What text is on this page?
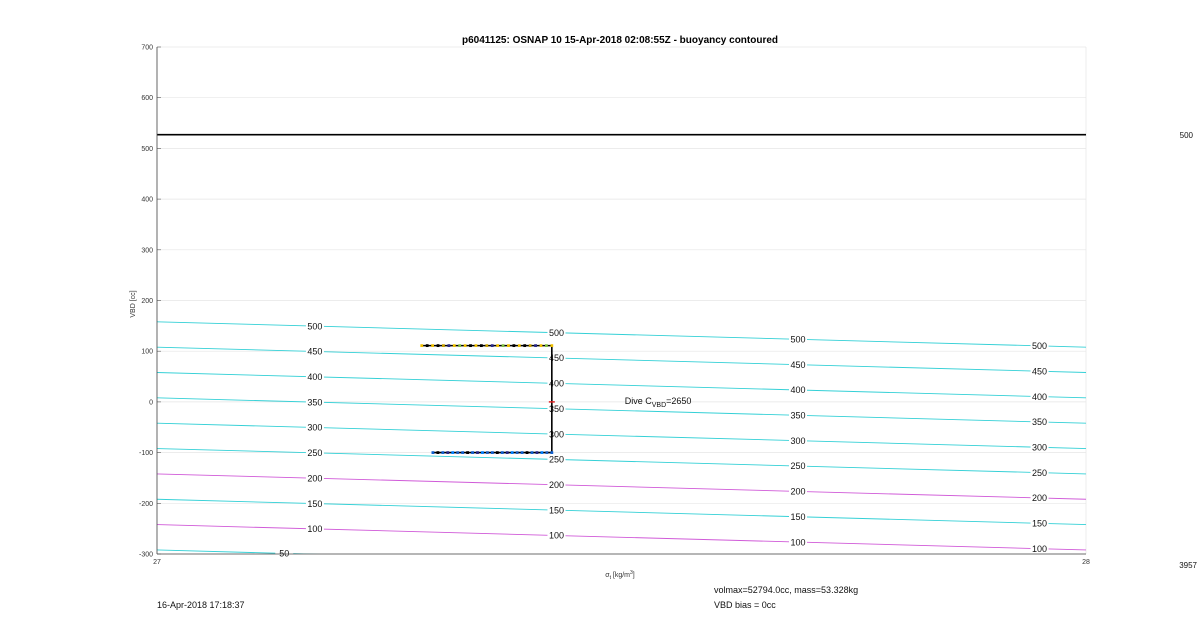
p6041125: OSNAP 10 15-Apr-2018 02:08:55Z - buoyancy contoured
VBD [cc]
$\sigma_t$ $[kg/m^3]$
500
500
500
500
450
450
450
450
400
400
400
400
350
350
350
350
300
300
300
300
250
250
250
250
200
200
200
200
150
150
150
150
100
100
100
100
50
700
600
500
400
300
200
100
0
-100
-200
-300
27	28
500
3957
Dive $C_{VBD}=2650$
16-Apr-2018 17:18:37
volmax=52794.0cc, mass=53.328kg
VBD bias = 0cc
